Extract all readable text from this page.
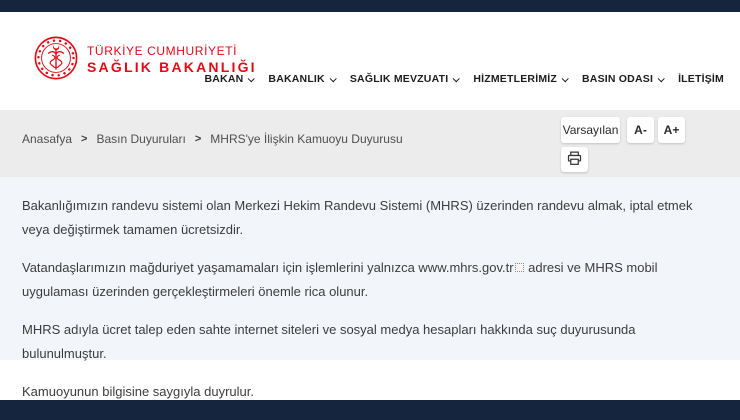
TÜRKİYE CUMHURİYETİ
SAĞLIK BAKANLIĞI
BAKAN BAKANLIK SAĞLIK MEVZUATI HİZMETLERİMİZ BASIN ODASI İLETİŞİM
Anasafya > Basın Duyuruları > MHRS'ye İlişkin Kamuoyu Duyurusu
Varsayılan	A-	A+

Bakanlığımızın randevu sistemi olan Merkezi Hekim Randevu Sistemi (MHRS) üzerinden randevu almak, iptal etmek veya değiştirmek tamamen ücretsizdir.

Vatandaşlarımızın mağduriyet yaşamamaları için işlemlerini yalnızca www.mhrs.gov.tr adresi ve MHRS mobil uygulaması üzerinden gerçekleştirmeleri önemle rica olunur.

MHRS adıyla ücret talep eden sahte internet siteleri ve sosyal medya hesapları hakkında suç duyurusunda bulunulmuştur.

Kamuoyunun bilgisine saygıyla duyrulur.
